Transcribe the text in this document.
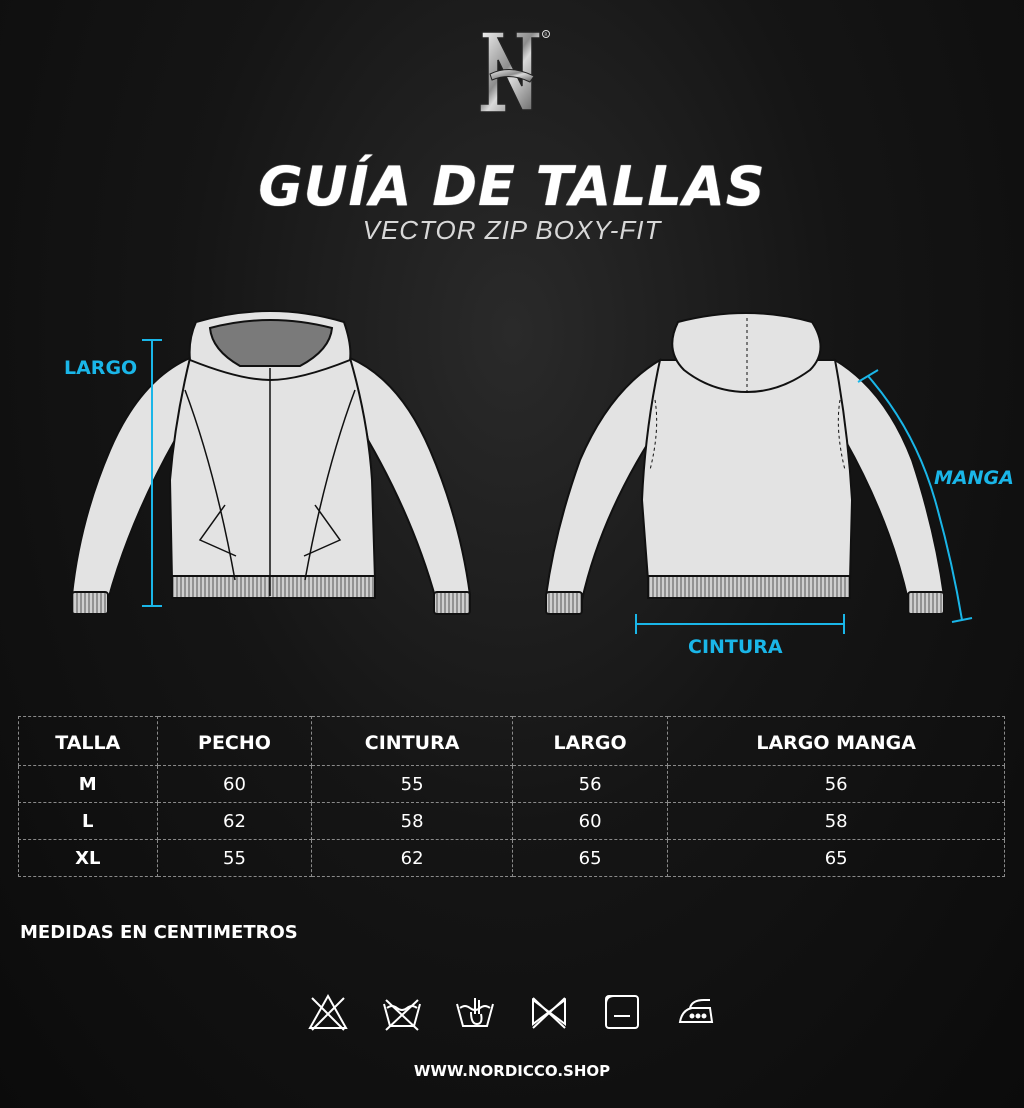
R
GUÍA DE TALLAS
VECTOR ZIP BOXY-FIT
LARGO
MANGA
CINTURA
TALLA	PECHO	CINTURA	LARGO	LARGO MANGA
M	60	55	56	56
L	62	58	60	58
XL	55	62	65	65
MEDIDAS EN CENTIMETROS
WWW.NORDICCO.SHOP
